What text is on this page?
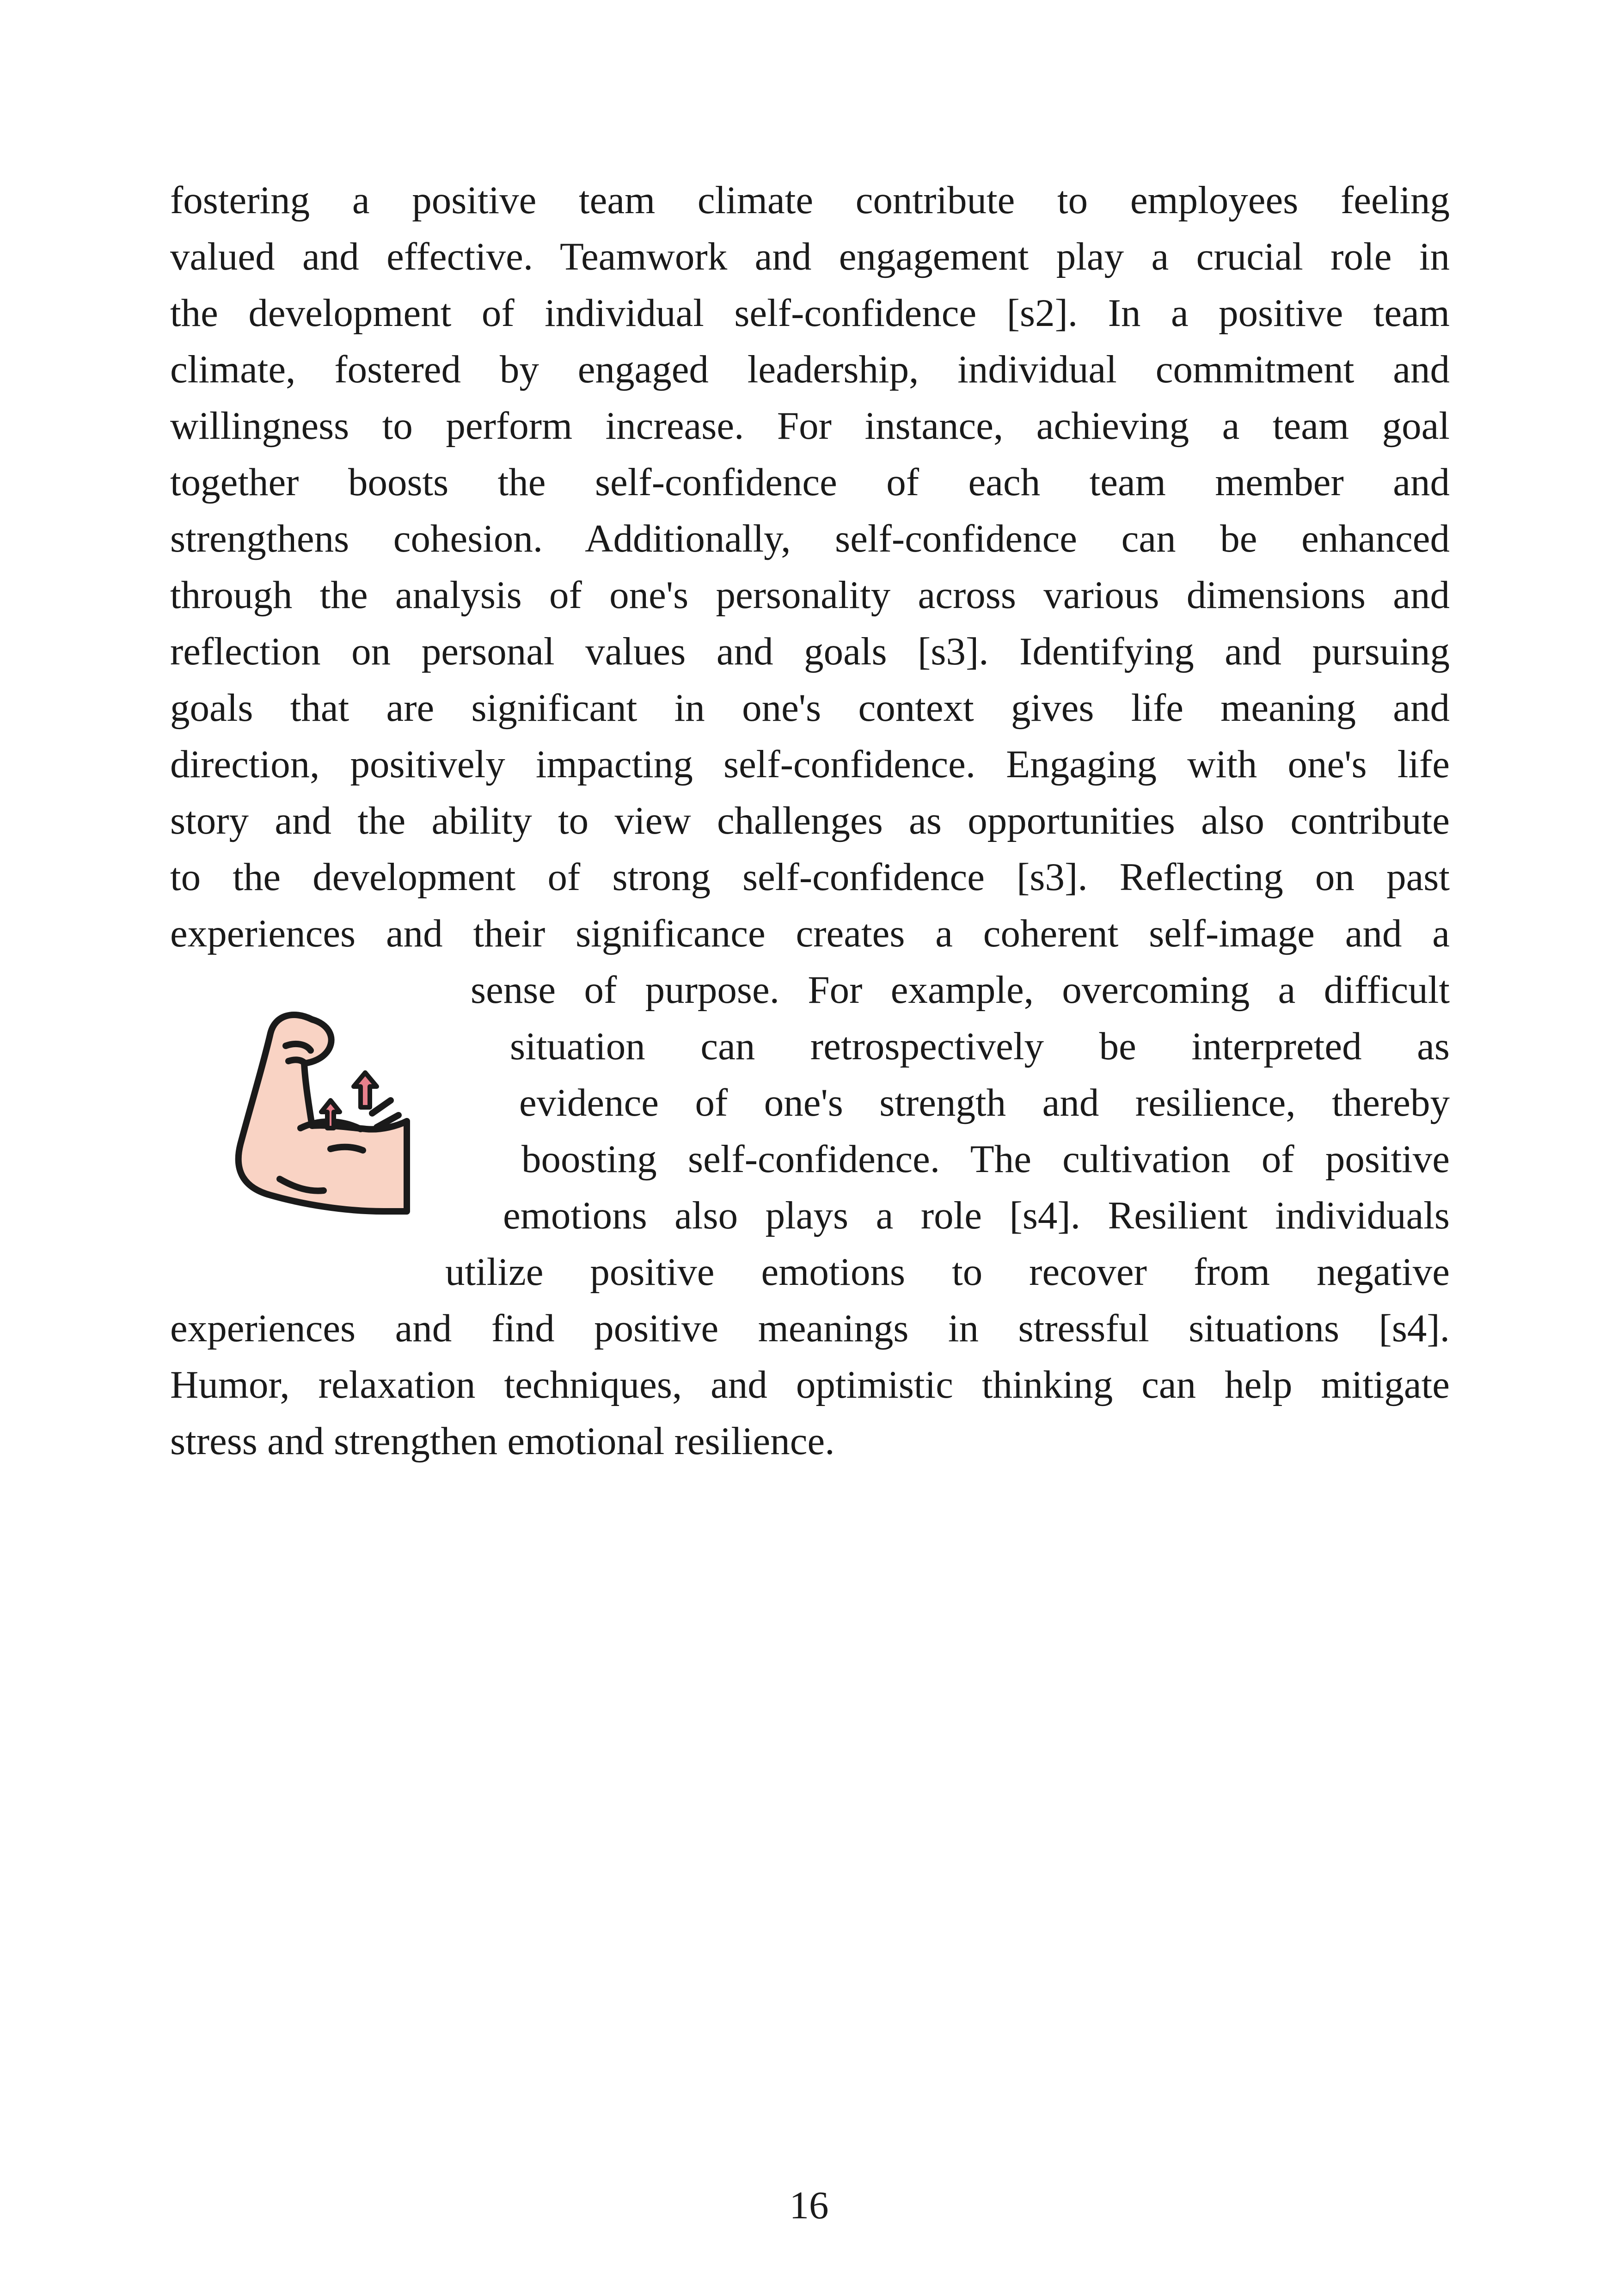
fostering a positive team climate contribute to employees feeling
valued and effective. Teamwork and engagement play a crucial role in
the development of individual self-confidence [s2]. In a positive team
climate, fostered by engaged leadership, individual commitment and
willingness to perform increase. For instance, achieving a team goal
together boosts the self-confidence of each team member and
strengthens cohesion. Additionally, self-confidence can be enhanced
through the analysis of one's personality across various dimensions and
reflection on personal values and goals [s3]. Identifying and pursuing
goals that are significant in one's context gives life meaning and
direction, positively impacting self-confidence. Engaging with one's life
story and the ability to view challenges as opportunities also contribute
to the development of strong self-confidence [s3]. Reflecting on past
experiences and their significance creates a coherent self-image and a
sense of purpose. For example, overcoming a difficult
situation can retrospectively be interpreted as
evidence of one's strength and resilience, thereby
boosting self-confidence. The cultivation of positive
emotions also plays a role [s4]. Resilient individuals
utilize positive emotions to recover from negative
experiences and find positive meanings in stressful situations [s4].
Humor, relaxation techniques, and optimistic thinking can help mitigate
stress and strengthen emotional resilience.
16
